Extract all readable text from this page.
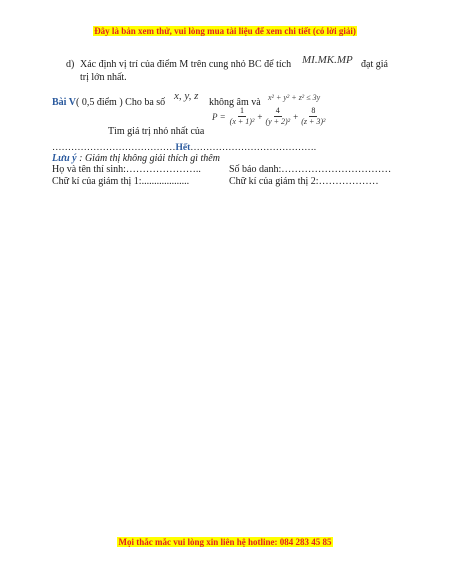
Đây là bản xem thử, vui lòng mua tài liệu để xem chi tiết (có lời giải)
d) Xác định vị trí của điểm M trên cung nhỏ BC để tích MI.MK.MP đạt giá
trị lớn nhất.
Bài V( 0,5 điểm ) Cho ba số
x, y, z
không âm và x² + y² + z² ≤ 3y
Tìm giá trị nhỏ nhất của
$P = \frac{1}{\text{(x + 1)²}} + \frac{4}{\text{(y + 2)²}} + \frac{8}{\text{(z + 3)²}}$
…………………………………Hết………………………………….
Lưu ý : Giám thị không giải thích gì thêm
Họ và tên thí sinh:…………………..	Số báo danh:……………………………
Chữ kí của giám thị 1:...................	Chữ kí của giám thị 2:………………
Mọi thắc mắc vui lòng xin liên hệ hotline: 084 283 45 85
